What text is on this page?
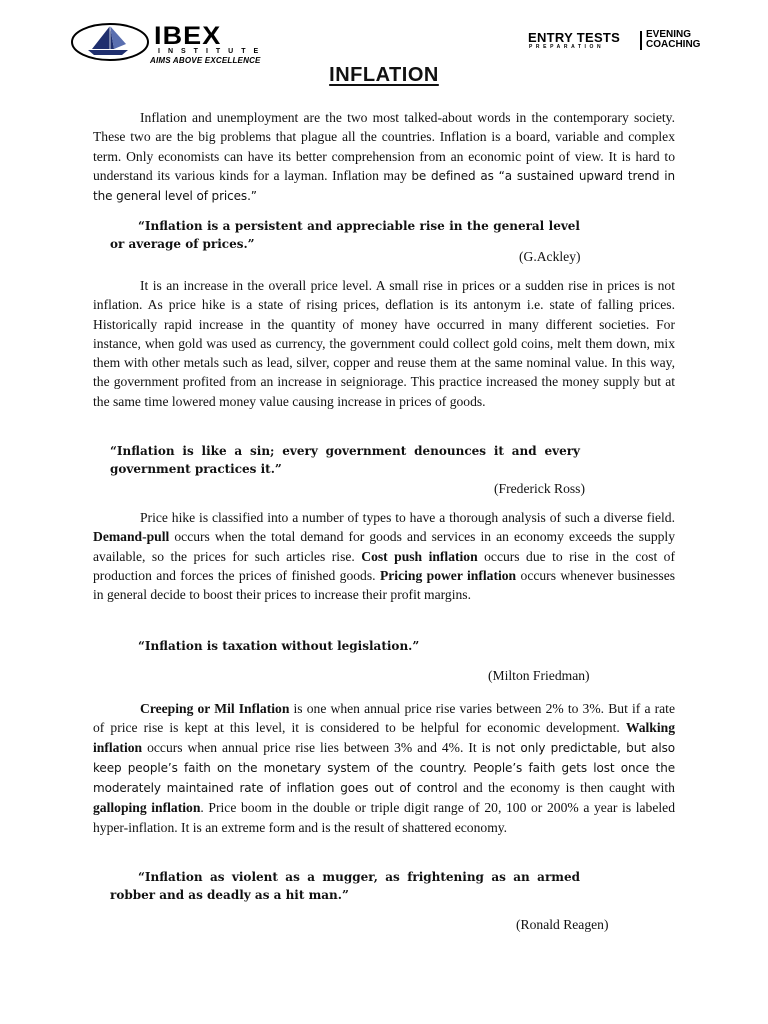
IBEX
INSTITUTE
AIMS ABOVE EXCELLENCE
ENTRY TESTS
PREPARATION
EVENING
COACHING
INFLATION

Inflation and unemployment are the two most talked-about words in the contemporary society. These two are the big problems that plague all the countries. Inflation is a board, variable and complex term. Only economists can have its better comprehension from an economic point of view. It is hard to understand its various kinds for a layman. Inflation may be defined as “a sustained upward trend in the general level of prices.”

“Inflation is a persistent and appreciable rise in the general level or average of prices.”

(G.Ackley)

It is an increase in the overall price level. A small rise in prices or a sudden rise in prices is not inflation. As price hike is a state of rising prices, deflation is its antonym i.e. state of falling prices. Historically rapid increase in the quantity of money have occurred in many different societies. For instance, when gold was used as currency, the government could collect gold coins, melt them down, mix them with other metals such as lead, silver, copper and reuse them at the same nominal value. In this way, the government profited from an increase in seigniorage. This practice increased the money supply but at the same time lowered money value causing increase in prices of goods.

“Inflation is like a sin; every government denounces it and every government practices it.”

(Frederick Ross)

Price hike is classified into a number of types to have a thorough analysis of such a diverse field. Demand-pull occurs when the total demand for goods and services in an economy exceeds the supply available, so the prices for such articles rise. Cost push inflation occurs due to rise in the cost of production and forces the prices of finished goods. Pricing power inflation occurs whenever businesses in general decide to boost their prices to increase their profit margins.

“Inflation is taxation without legislation.”

(Milton Friedman)

Creeping or Mil Inflation is one when annual price rise varies between 2% to 3%. But if a rate of price rise is kept at this level, it is considered to be helpful for economic development. Walking inflation occurs when annual price rise lies between 3% and 4%. It is not only predictable, but also keep people’s faith on the monetary system of the country. People’s faith gets lost once the moderately maintained rate of inflation goes out of control and the economy is then caught with galloping inflation. Price boom in the double or triple digit range of 20, 100 or 200% a year is labeled hyper-inflation. It is an extreme form and is the result of shattered economy.

“Inflation as violent as a mugger, as frightening as an armed robber and as deadly as a hit man.”

(Ronald Reagen)
